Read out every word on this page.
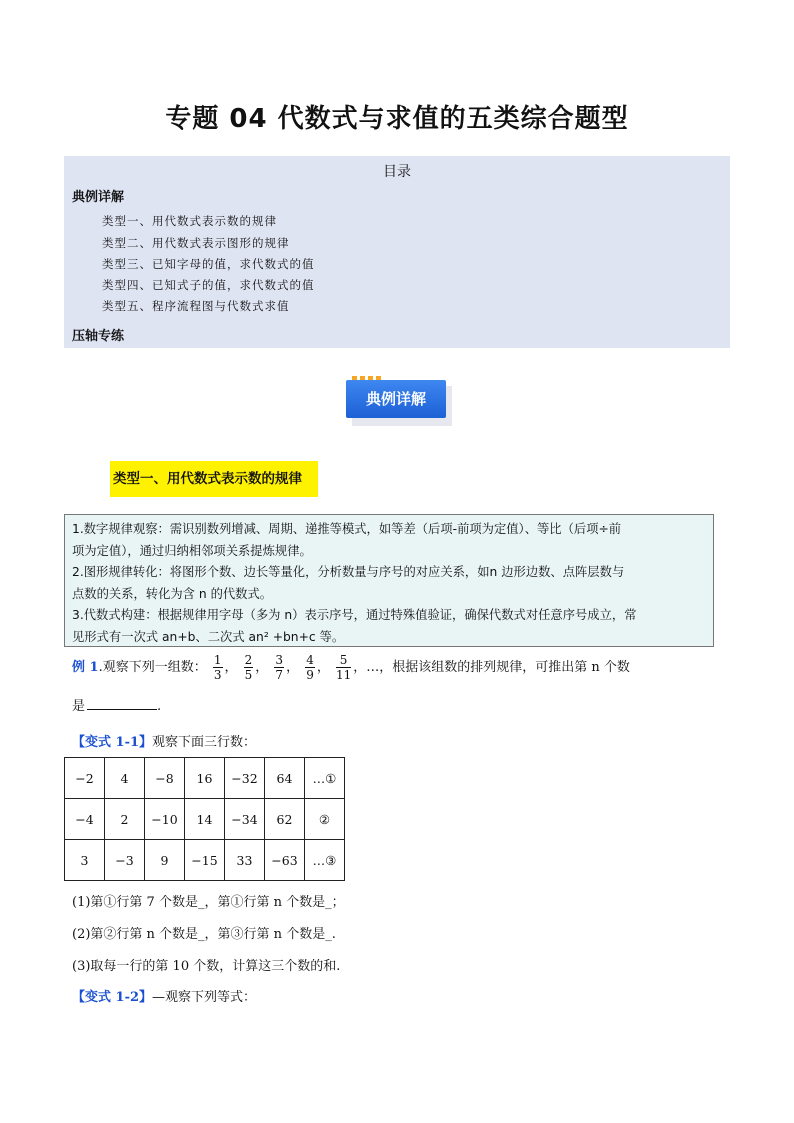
专题 04 代数式与求值的五类综合题型
目录
典例详解
类型一、用代数式表示数的规律
类型二、用代数式表示图形的规律
类型三、已知字母的值，求代数式的值
类型四、已知式子的值，求代数式的值
类型五、程序流程图与代数式求值
压轴专练
典例详解
类型一、用代数式表示数的规律
1.数字规律观察：需识别数列增减、周期、递推等模式，如等差（后项-前项为定值）、等比（后项÷前
项为定值），通过归纳相邻项关系提炼规律。
2.图形规律转化：将图形个数、边长等量化，分析数量与序号的对应关系，如n 边形边数、点阵层数与
点数的关系，转化为含 n 的代数式。
3.代数式构建：根据规律用字母（多为 n）表示序号，通过特殊值验证，确保代数式对任意序号成立，常
见形式有一次式 an+b、二次式 an² +bn+c 等。
例 1.观察下列一组数： $\frac{1}{3}$ ， $\frac{2}{5}$ ， $\frac{3}{7}$ ， $\frac{4}{9}$ ， $\frac{5}{11}$ ，…，根据该组数的排列规律，可推出第 n 个数
是	.
【变式 1-1】观察下面三行数：
−2	4	−8	16	−32	64	…①
−4	2	−10	14	−34	62	②
3	−3	9	−15	33	−63	…③
(1)第①行第 7 个数是_，第①行第 n 个数是_；
(2)第②行第 n 个数是_，第③行第 n 个数是_.
(3)取每一行的第 10 个数，计算这三个数的和.
【变式 1-2】—观察下列等式：
